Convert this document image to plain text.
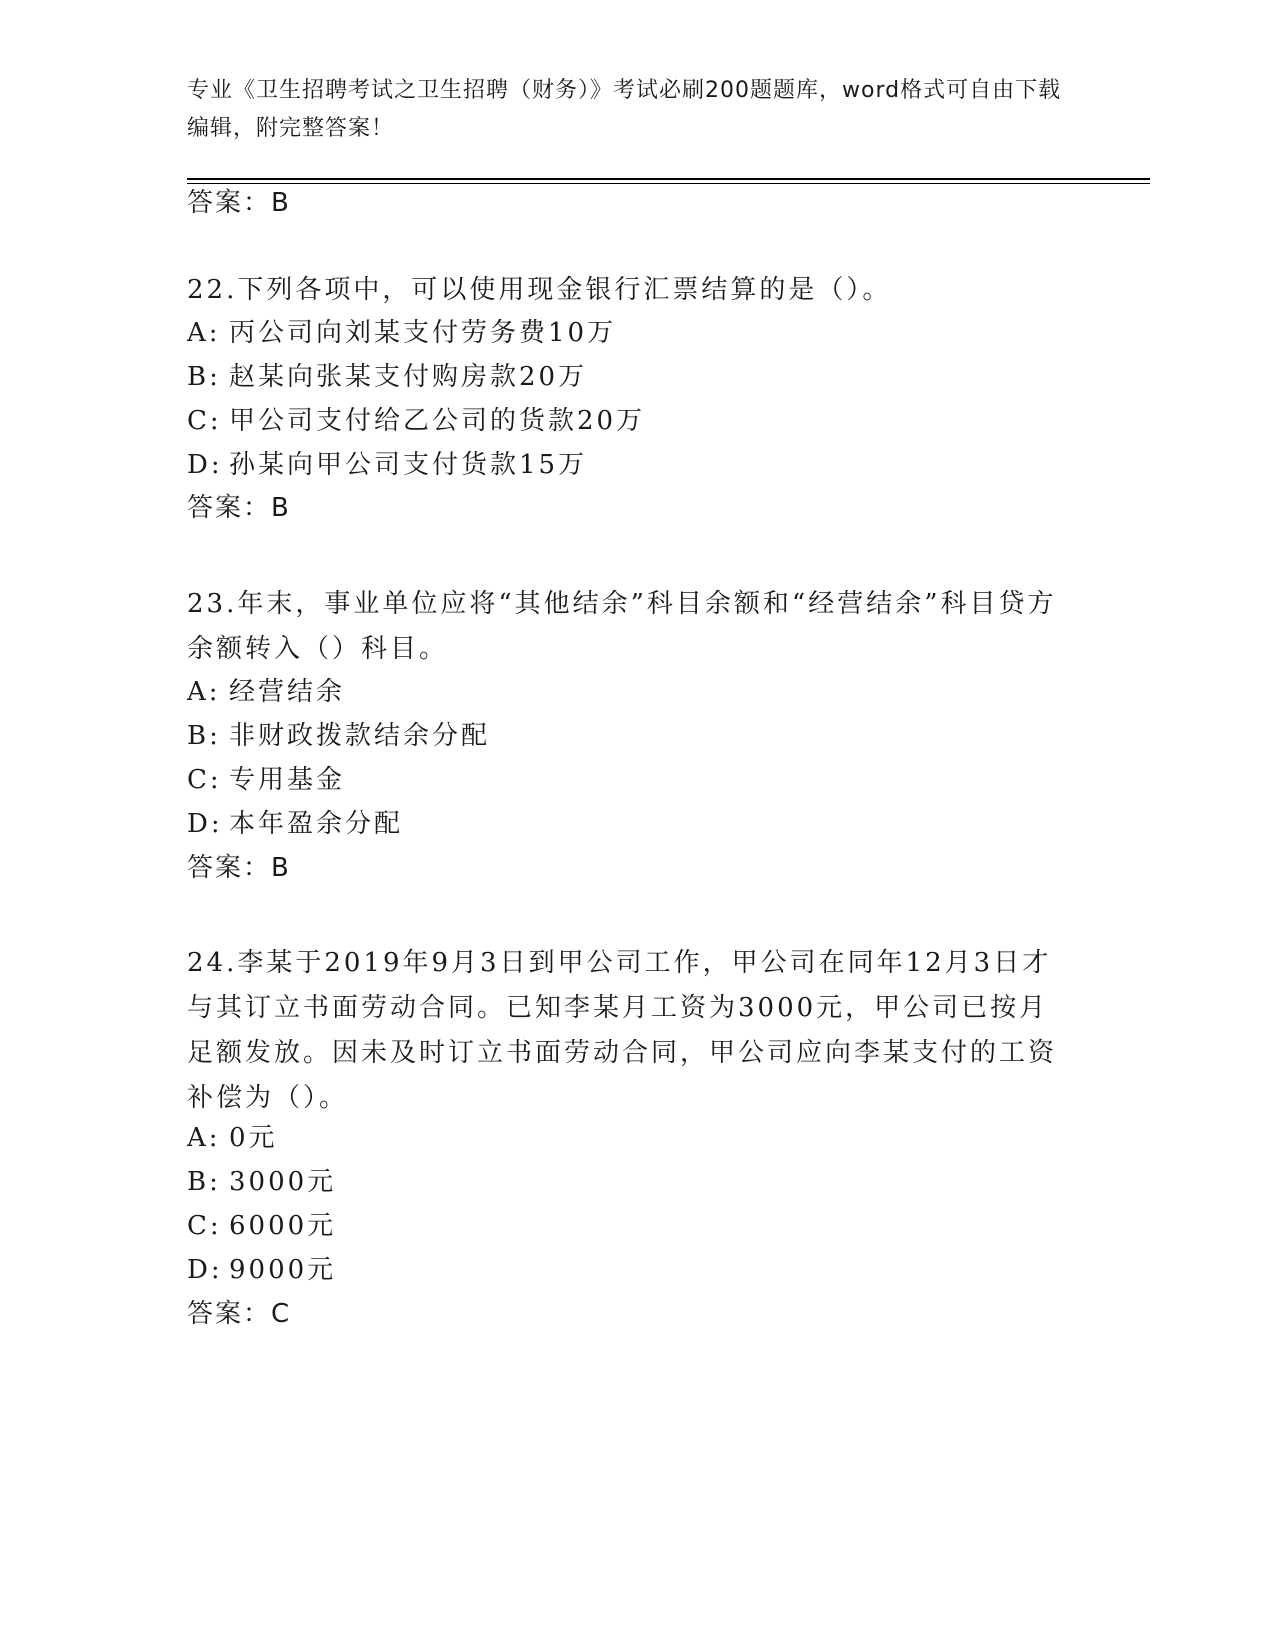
专业《卫生招聘考试之卫生招聘（财务）》考试必刷200题题库，word格式可自由下载编辑，附完整答案！
答案：B
22.下列各项中，可以使用现金银行汇票结算的是（）。
A: 丙公司向刘某支付劳务费10万
B: 赵某向张某支付购房款20万
C: 甲公司支付给乙公司的货款20万
D: 孙某向甲公司支付货款15万
答案：B
23.年末，事业单位应将“其他结余”科目余额和“经营结余”科目贷方余额转入（）科目。
A: 经营结余
B: 非财政拨款结余分配
C: 专用基金
D: 本年盈余分配
答案：B
24.李某于2019年9月3日到甲公司工作，甲公司在同年12月3日才与其订立书面劳动合同。已知李某月工资为3000元，甲公司已按月足额发放。因未及时订立书面劳动合同，甲公司应向李某支付的工资补偿为（）。
A: 0元
B: 3000元
C: 6000元
D: 9000元
答案：C
